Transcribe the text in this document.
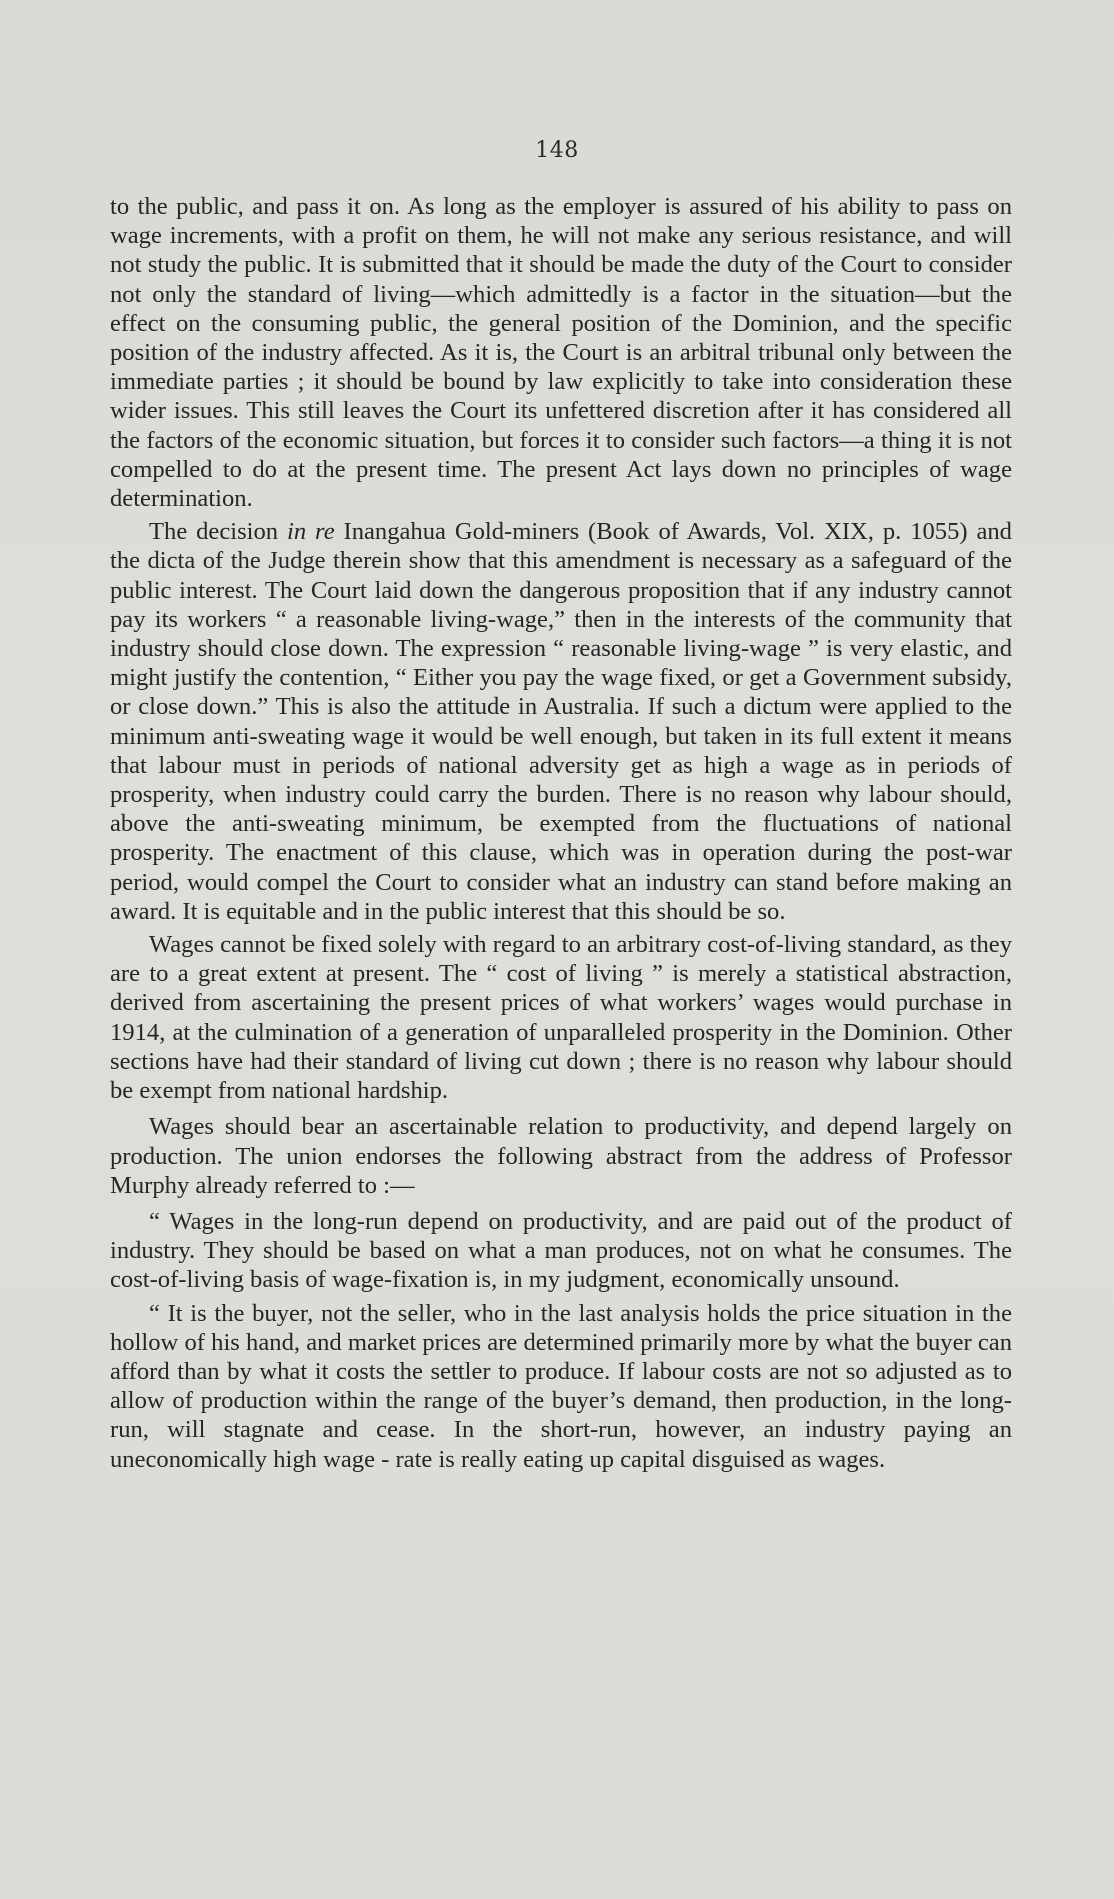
148

to the public, and pass it on. As long as the employer is assured of his ability to pass on wage increments, with a profit on them, he will not make any serious resistance, and will not study the public. It is submitted that it should be made the duty of the Court to consider not only the standard of living—which admittedly is a factor in the situation—but the effect on the consuming public, the general position of the Dominion, and the specific position of the industry affected. As it is, the Court is an arbitral tribunal only between the immediate parties ; it should be bound by law explicitly to take into consideration these wider issues. This still leaves the Court its unfettered discretion after it has considered all the factors of the economic situation, but forces it to consider such factors—a thing it is not compelled to do at the present time. The present Act lays down no principles of wage determination.

The decision in re Inangahua Gold-miners (Book of Awards, Vol. XIX, p. 1055) and the dicta of the Judge therein show that this amendment is necessary as a safeguard of the public interest. The Court laid down the dangerous proposition that if any industry cannot pay its workers “ a reasonable living-wage,” then in the interests of the community that industry should close down. The expression “ reasonable living-wage ” is very elastic, and might justify the contention, “ Either you pay the wage fixed, or get a Government subsidy, or close down.” This is also the attitude in Australia. If such a dictum were applied to the minimum anti-sweating wage it would be well enough, but taken in its full extent it means that labour must in periods of national adversity get as high a wage as in periods of prosperity, when industry could carry the burden. There is no reason why labour should, above the anti-sweating minimum, be exempted from the fluctuations of national prosperity. The enactment of this clause, which was in operation during the post-war period, would compel the Court to consider what an industry can stand before making an award. It is equitable and in the public interest that this should be so.

Wages cannot be fixed solely with regard to an arbitrary cost-of-living standard, as they are to a great extent at present. The “ cost of living ” is merely a statistical abstraction, derived from ascertaining the present prices of what workers’ wages would purchase in 1914, at the culmination of a generation of unparalleled prosperity in the Dominion. Other sections have had their standard of living cut down ; there is no reason why labour should be exempt from national hardship.

Wages should bear an ascertainable relation to productivity, and depend largely on production. The union endorses the following abstract from the address of Professor Murphy already referred to :—

“ Wages in the long-run depend on productivity, and are paid out of the product of industry. They should be based on what a man produces, not on what he consumes. The cost-of-living basis of wage-fixation is, in my judgment, economically unsound.

“ It is the buyer, not the seller, who in the last analysis holds the price situation in the hollow of his hand, and market prices are determined primarily more by what the buyer can afford than by what it costs the settler to produce. If labour costs are not so adjusted as to allow of production within the range of the buyer’s demand, then production, in the long-run, will stagnate and cease. In the short-run, however, an industry paying an uneconomically high wage - rate is really eating up capital disguised as wages.
